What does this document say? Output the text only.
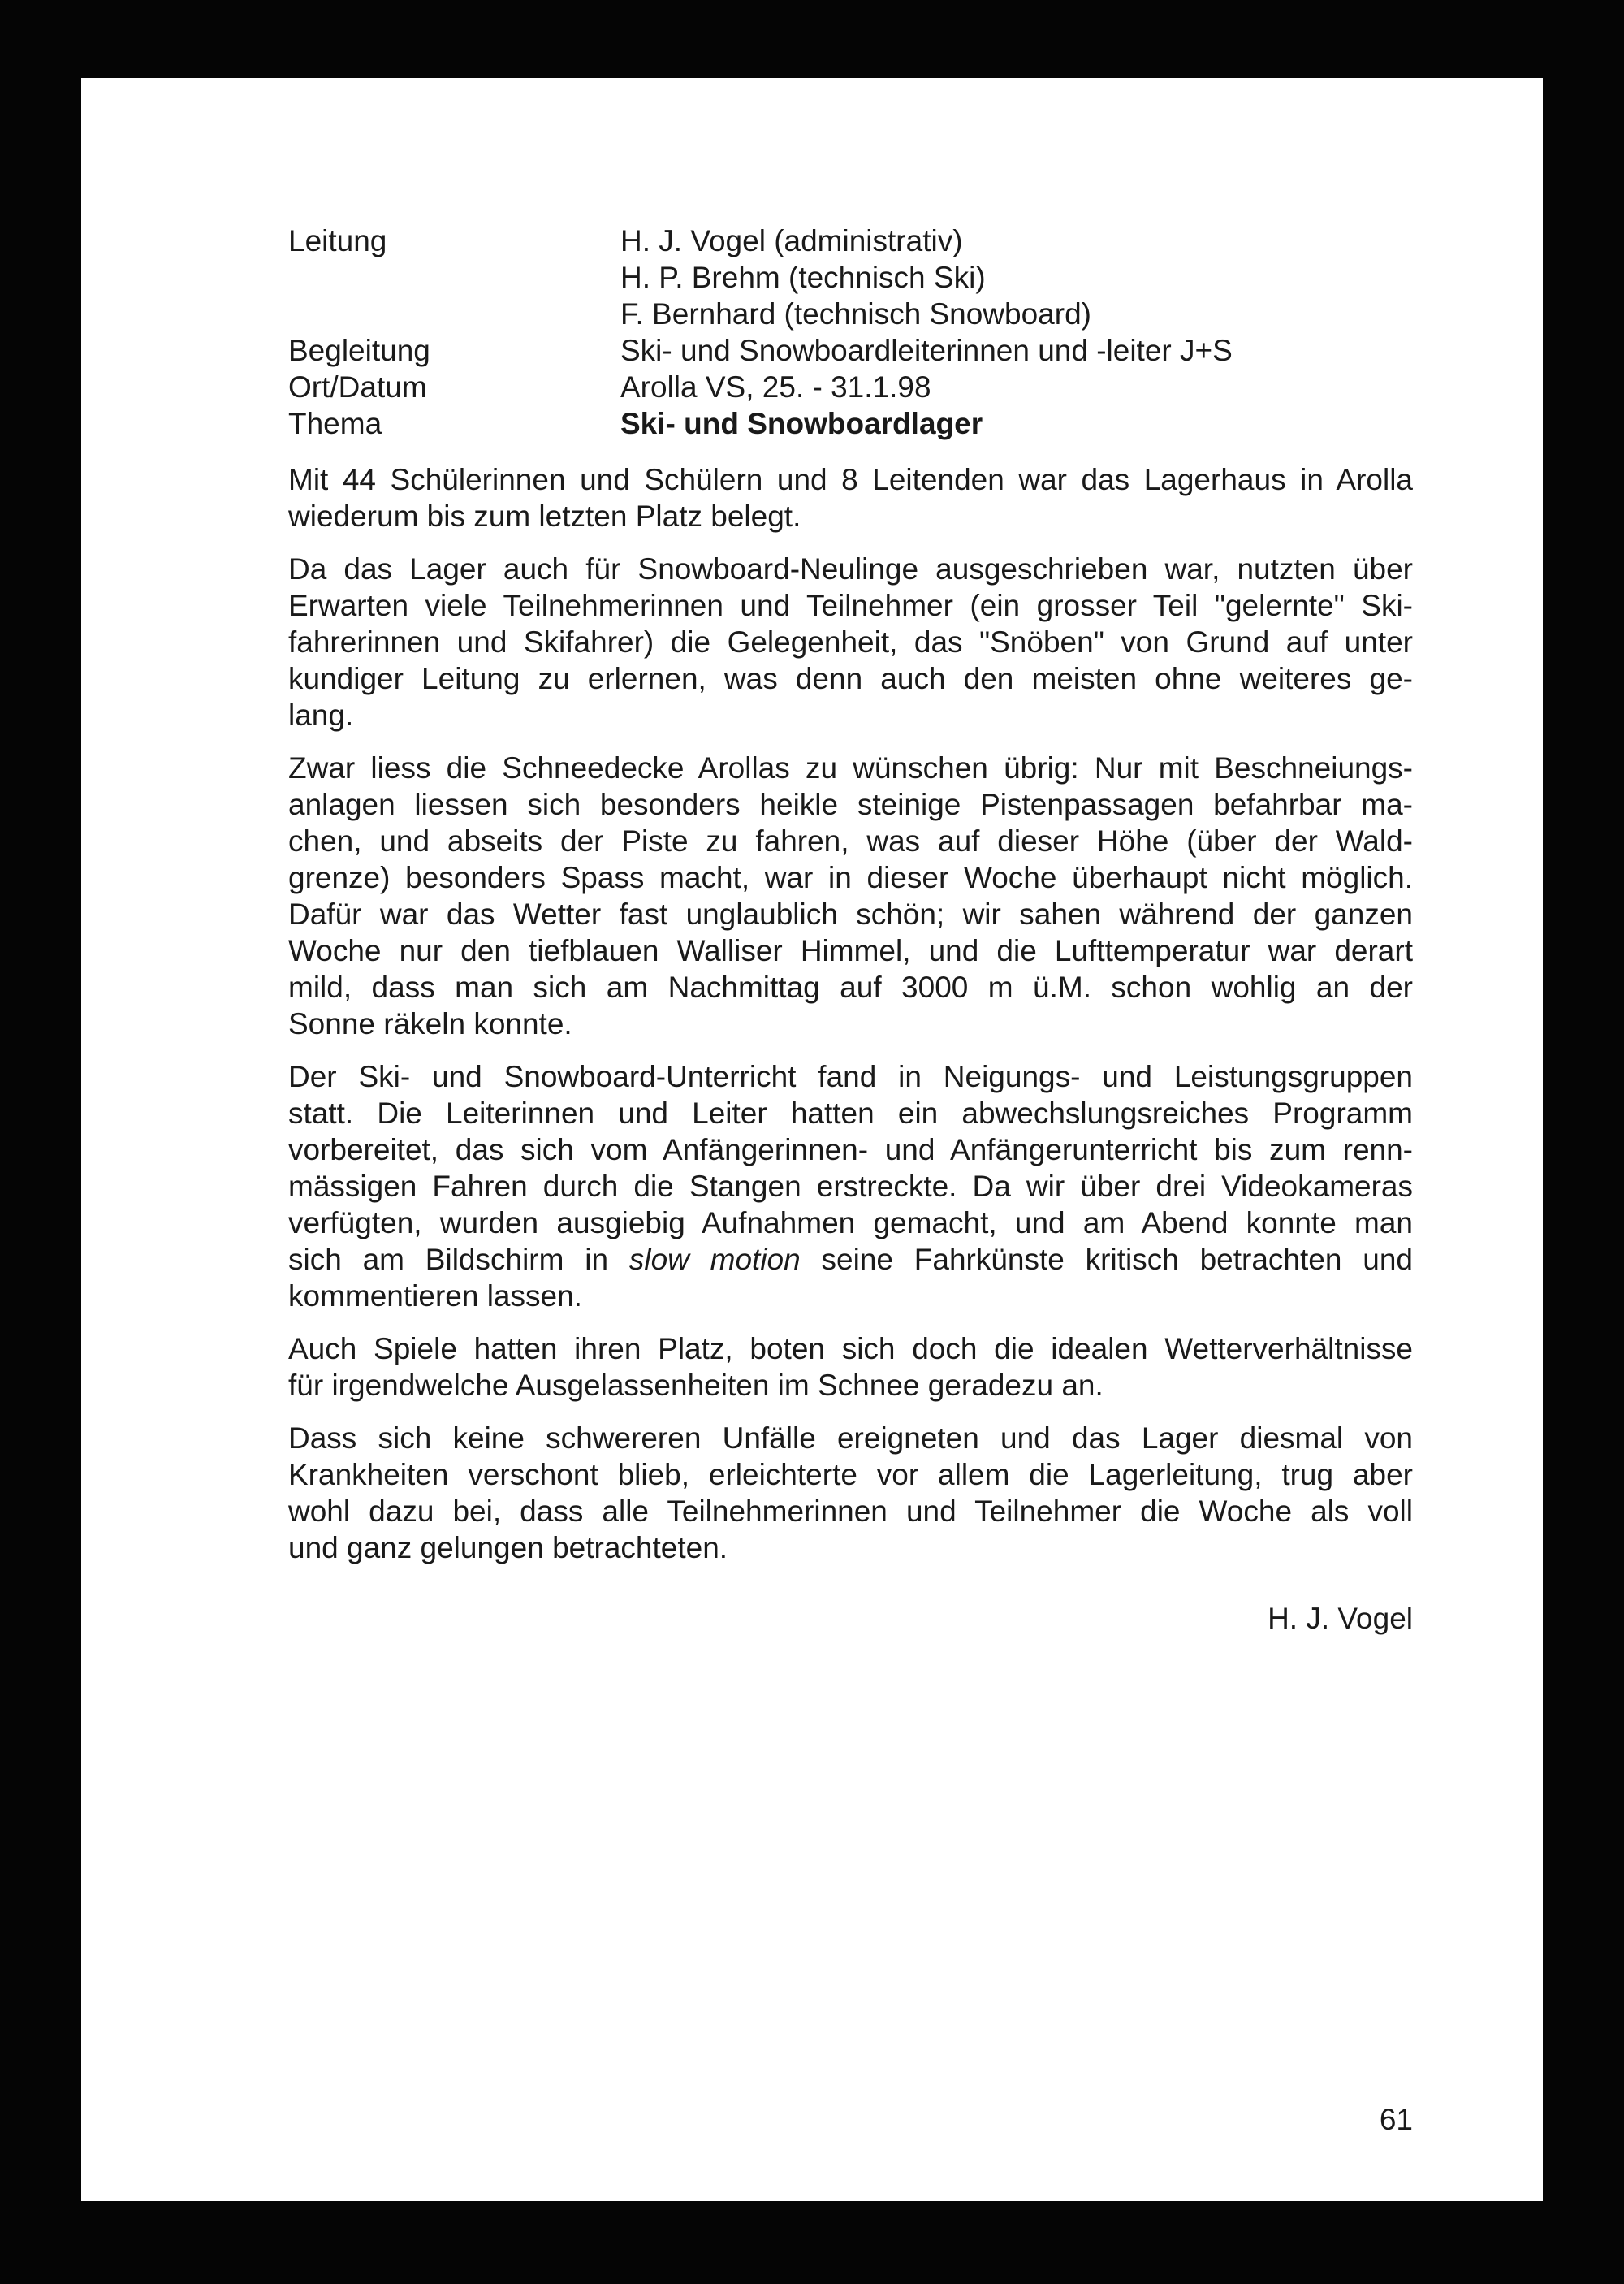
Leitung	H. J. Vogel (administrativ)
H. P. Brehm (technisch Ski)
F. Bernhard (technisch Snowboard)
Begleitung	Ski- und Snowboardleiterinnen und -leiter J+S
Ort/Datum	Arolla VS, 25. - 31.1.98
Thema	Ski- und Snowboardlager
Mit 44 Schülerinnen und Schülern und 8 Leitenden war das Lagerhaus in Arolla
wiederum bis zum letzten Platz belegt.
Da das Lager auch für Snowboard-Neulinge ausgeschrieben war, nutzten über
Erwarten viele Teilnehmerinnen und Teilnehmer (ein grosser Teil "gelernte" Ski-
fahrerinnen und Skifahrer) die Gelegenheit, das "Snöben" von Grund auf unter
kundiger Leitung zu erlernen, was denn auch den meisten ohne weiteres ge-
lang.
Zwar liess die Schneedecke Arollas zu wünschen übrig: Nur mit Beschneiungs-
anlagen liessen sich besonders heikle steinige Pistenpassagen befahrbar ma-
chen, und abseits der Piste zu fahren, was auf dieser Höhe (über der Wald-
grenze) besonders Spass macht, war in dieser Woche überhaupt nicht möglich.
Dafür war das Wetter fast unglaublich schön; wir sahen während der ganzen
Woche nur den tiefblauen Walliser Himmel, und die Lufttemperatur war derart
mild, dass man sich am Nachmittag auf 3000 m ü.M. schon wohlig an der
Sonne räkeln konnte.
Der Ski- und Snowboard-Unterricht fand in Neigungs- und Leistungsgruppen
statt. Die Leiterinnen und Leiter hatten ein abwechslungsreiches Programm
vorbereitet, das sich vom Anfängerinnen- und Anfängerunterricht bis zum renn-
mässigen Fahren durch die Stangen erstreckte. Da wir über drei Videokameras
verfügten, wurden ausgiebig Aufnahmen gemacht, und am Abend konnte man
sich am Bildschirm in slow motion seine Fahrkünste kritisch betrachten und
kommentieren lassen.
Auch Spiele hatten ihren Platz, boten sich doch die idealen Wetterverhältnisse
für irgendwelche Ausgelassenheiten im Schnee geradezu an.
Dass sich keine schwereren Unfälle ereigneten und das Lager diesmal von
Krankheiten verschont blieb, erleichterte vor allem die Lagerleitung, trug aber
wohl dazu bei, dass alle Teilnehmerinnen und Teilnehmer die Woche als voll
und ganz gelungen betrachteten.
H. J. Vogel
61
